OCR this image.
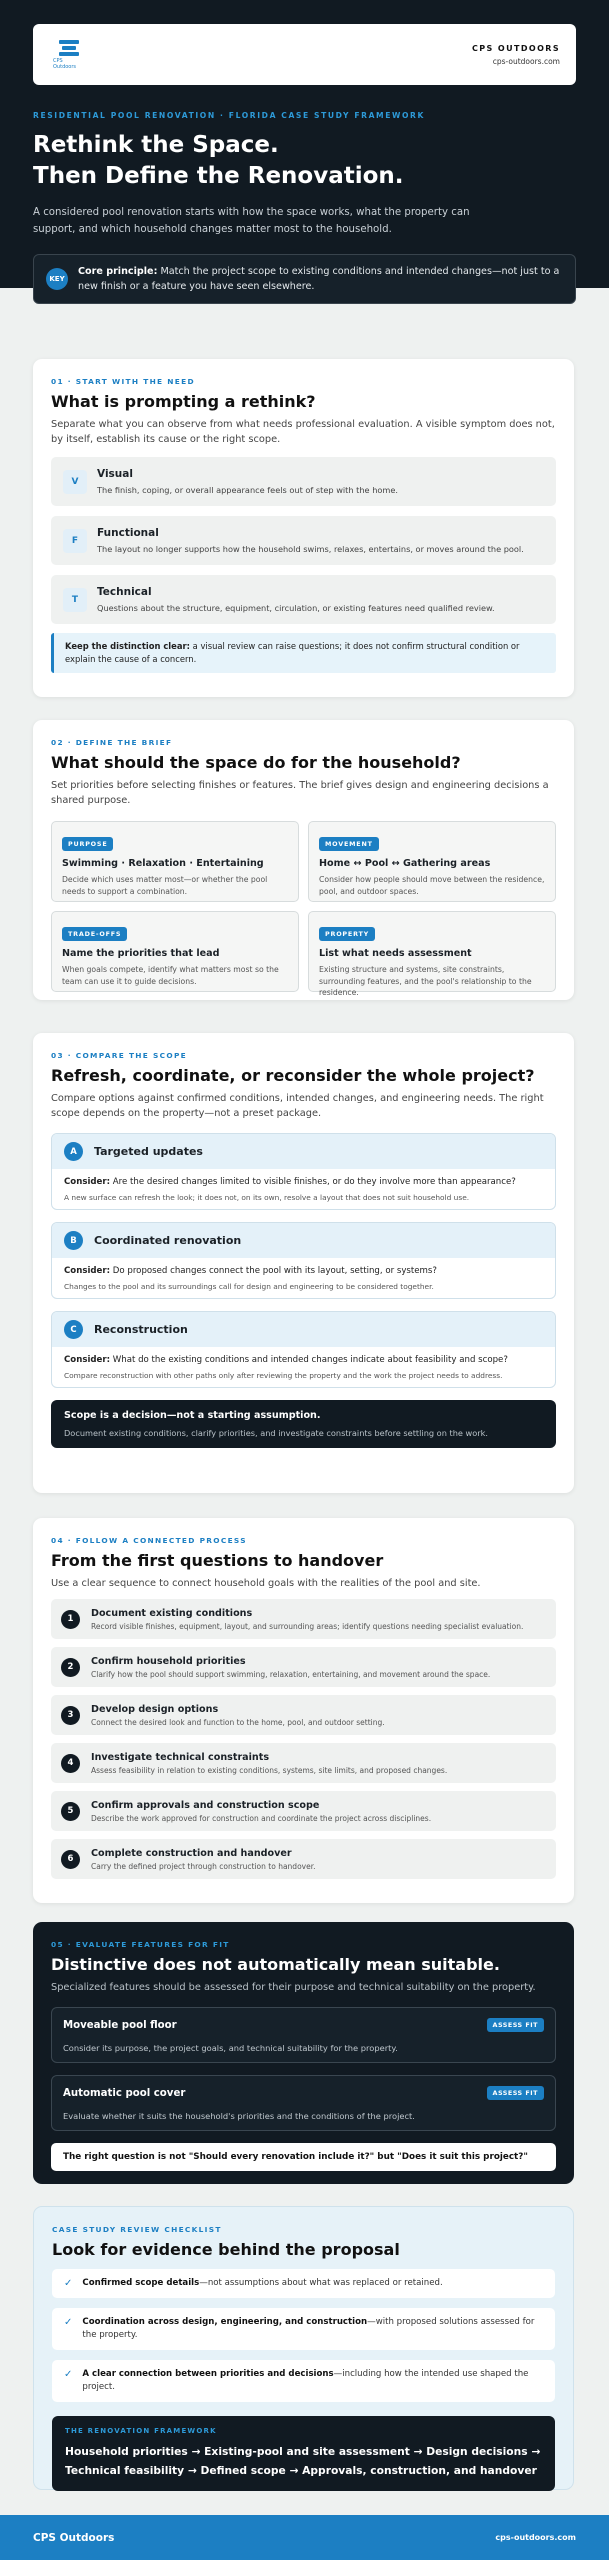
CPS Outdoors
CPS OUTDOORS
cps-outdoors.com
RESIDENTIAL POOL RENOVATION · FLORIDA CASE STUDY FRAMEWORK
Rethink the Space.
Then Define the Renovation.

A considered pool renovation starts with how the space works, what the property can support, and which household changes matter most to the household.

KEY

Core principle: Match the project scope to existing conditions and intended changes—not just to a new finish or a feature you have seen elsewhere.

01 · START WITH THE NEED
What is prompting a rethink?
Separate what you can observe from what needs professional evaluation. A visible symptom does not, by itself, establish its cause or the right scope.
V
Visual
The finish, coping, or overall appearance feels out of step with the home.
F
Functional
The layout no longer supports how the household swims, relaxes, entertains, or moves around the pool.
T
Technical
Questions about the structure, equipment, circulation, or existing features need qualified review.
Keep the distinction clear: a visual review can raise questions; it does not confirm structural condition or explain the cause of a concern.
02 · DEFINE THE BRIEF
What should the space do for the household?
Set priorities before selecting finishes or features. The brief gives design and engineering decisions a shared purpose.
PURPOSE
Swimming · Relaxation · Entertaining
Decide which uses matter most—or whether the pool needs to support a combination.
MOVEMENT
Home ↔ Pool ↔ Gathering areas
Consider how people should move between the residence, pool, and outdoor spaces.
TRADE-OFFS
Name the priorities that lead
When goals compete, identify what matters most so the team can use it to guide decisions.
PROPERTY
List what needs assessment
Existing structure and systems, site constraints, surrounding features, and the pool's relationship to the residence.
03 · COMPARE THE SCOPE
Refresh, coordinate, or reconsider the whole project?
Compare options against confirmed conditions, intended changes, and engineering needs. The right scope depends on the property—not a preset package.
A	Targeted updates
Consider: Are the desired changes limited to visible finishes, or do they involve more than appearance?
A new surface can refresh the look; it does not, on its own, resolve a layout that does not suit household use.
B	Coordinated renovation
Consider: Do proposed changes connect the pool with its layout, setting, or systems?
Changes to the pool and its surroundings call for design and engineering to be considered together.
C	Reconstruction
Consider: What do the existing conditions and intended changes indicate about feasibility and scope?
Compare reconstruction with other paths only after reviewing the property and the work the project needs to address.
Scope is a decision—not a starting assumption.
Document existing conditions, clarify priorities, and investigate constraints before settling on the work.
04 · FOLLOW A CONNECTED PROCESS
From the first questions to handover
Use a clear sequence to connect household goals with the realities of the pool and site.
1
Document existing conditions
Record visible finishes, equipment, layout, and surrounding areas; identify questions needing specialist evaluation.
2
Confirm household priorities
Clarify how the pool should support swimming, relaxation, entertaining, and movement around the space.
3
Develop design options
Connect the desired look and function to the home, pool, and outdoor setting.
4
Investigate technical constraints
Assess feasibility in relation to existing conditions, systems, site limits, and proposed changes.
5
Confirm approvals and construction scope
Describe the work approved for construction and coordinate the project across disciplines.
6
Complete construction and handover
Carry the defined project through construction to handover.
05 · EVALUATE FEATURES FOR FIT
Distinctive does not automatically mean suitable.
Specialized features should be assessed for their purpose and technical suitability on the property.
Moveable pool floor	ASSESS FIT
Consider its purpose, the project goals, and technical suitability for the property.
Automatic pool cover	ASSESS FIT
Evaluate whether it suits the household's priorities and the conditions of the project.
The right question is not "Should every renovation include it?" but "Does it suit this project?"
CASE STUDY REVIEW CHECKLIST
Look for evidence behind the proposal
✓ Confirmed scope details—not assumptions about what was replaced or retained.
✓ Coordination across design, engineering, and construction—with proposed solutions assessed for the property.
✓ A clear connection between priorities and decisions—including how the intended use shaped the project.
THE RENOVATION FRAMEWORK
Household priorities → Existing-pool and site assessment → Design decisions → Technical feasibility → Defined scope → Approvals, construction, and handover
CPS Outdoors	cps-outdoors.com
